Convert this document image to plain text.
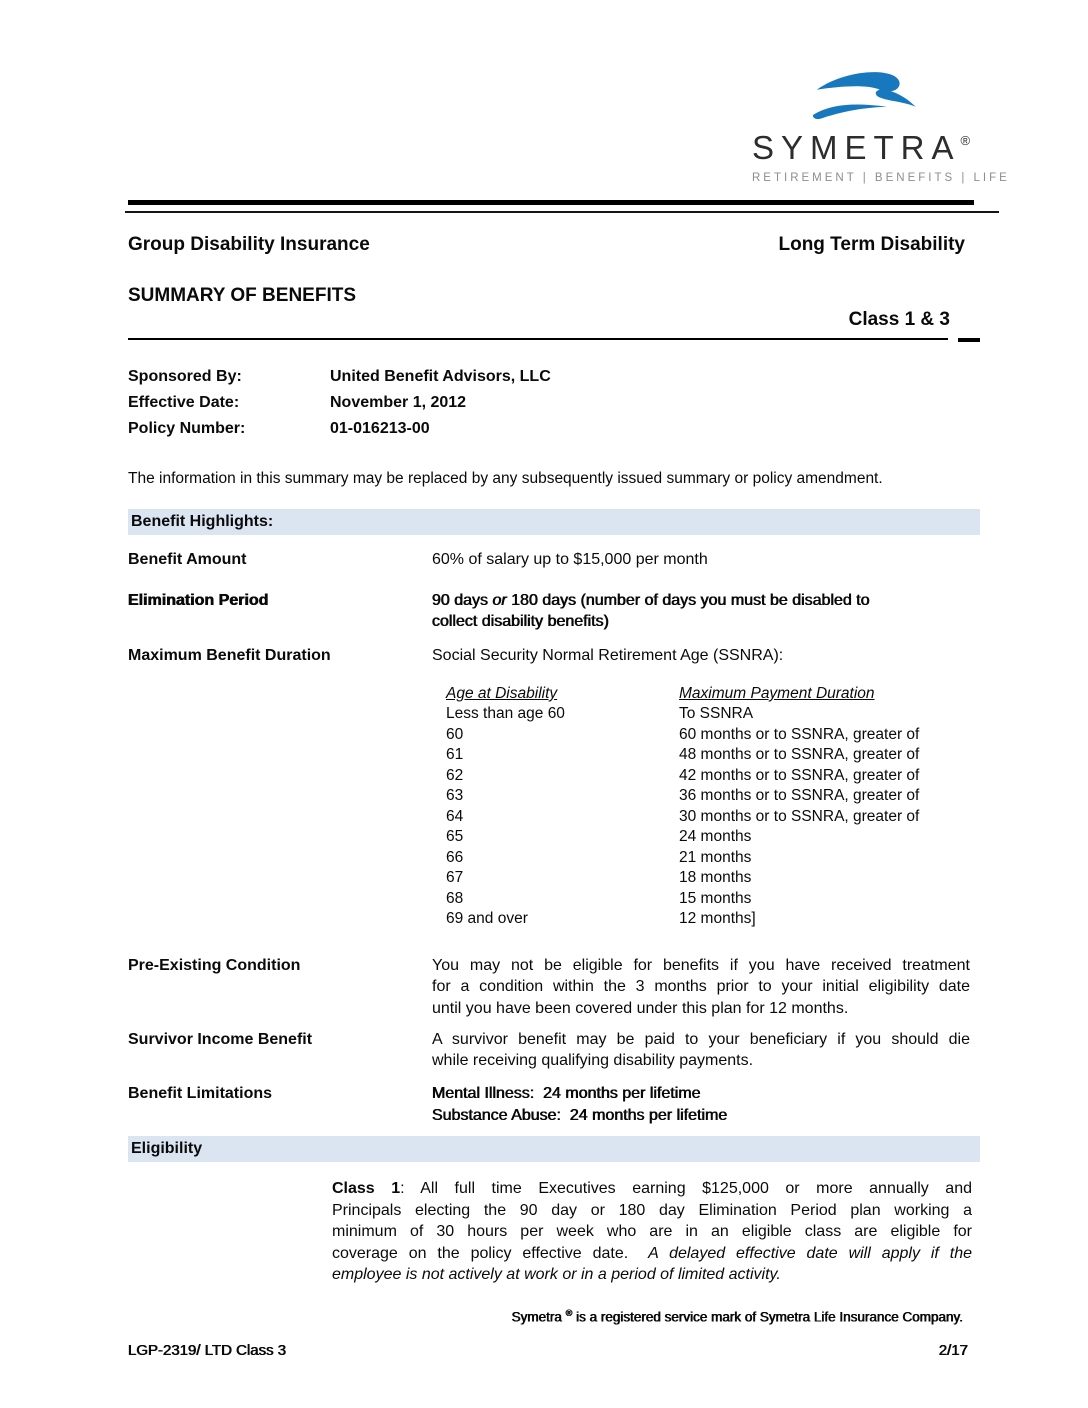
SYMETRA®
RETIREMENT | BENEFITS | LIFE
Group Disability Insurance	Long Term Disability
SUMMARY OF BENEFITS
Class 1 & 3
Sponsored By:	United Benefit Advisors, LLC
Effective Date:	November 1, 2012
Policy Number:	01-016213-00
The information in this summary may be replaced by any subsequently issued summary or policy amendment.
Benefit Highlights:
Benefit Amount	60% of salary up to $15,000 per month
Elimination Period	90 days or 180 days (number of days you must be disabled to
collect disability benefits)
Maximum Benefit Duration	Social Security Normal Retirement Age (SSNRA):
Age at Disability	Maximum Payment Duration
Less than age 60	To SSNRA
60	60 months or to SSNRA, greater of
61	48 months or to SSNRA, greater of
62	42 months or to SSNRA, greater of
63	36 months or to SSNRA, greater of
64	30 months or to SSNRA, greater of
65	24 months
66	21 months
67	18 months
68	15 months
69 and over	12 months]
Pre-Existing Condition	You may not be eligible for benefits if you have received treatment
for a condition within the 3 months prior to your initial eligibility date
until you have been covered under this plan for 12 months.
Survivor Income Benefit	A survivor benefit may be paid to your beneficiary if you should die
while receiving qualifying disability payments.
Benefit Limitations	Mental Illness:  24 months per lifetime
Substance Abuse:  24 months per lifetime
Eligibility
Class 1: All full time Executives earning $125,000 or more annually and
Principals electing the 90 day or 180 day Elimination Period plan working a
minimum of 30 hours per week who are in an eligible class are eligible for
coverage on the policy effective date. A delayed effective date will apply if the
employee is not actively at work or in a period of limited activity.
Symetra ® is a registered service mark of Symetra Life Insurance Company.
LGP-2319/ LTD Class 3	2/17
